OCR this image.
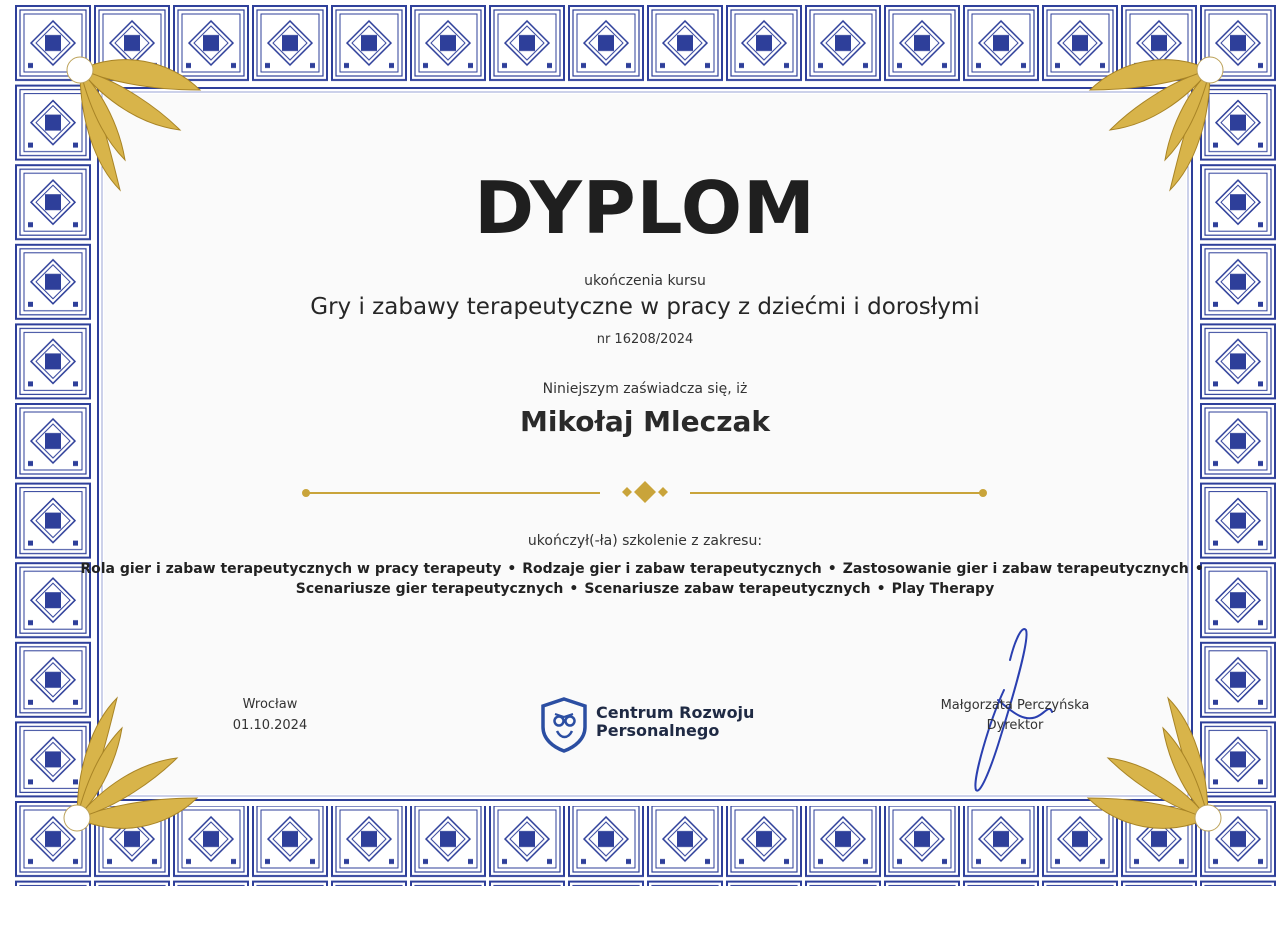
DYPLOM
ukończenia kursu
Gry i zabawy terapeutyczne w pracy z dziećmi i dorosłymi
nr 16208/2024
Niniejszym zaświadcza się, iż
Mikołaj Mleczak
ukończył(-ła) szkolenie z zakresu:
Rola gier i zabaw terapeutycznych w pracy terapeuty • Rodzaje gier i zabaw terapeutycznych • Zastosowanie gier i zabaw terapeutycznych •
Scenariusze gier terapeutycznych • Scenariusze zabaw terapeutycznych • Play Therapy
Wrocław
01.10.2024
Centrum Rozwoju
Personalnego
Małgorzata Perczyńska
Dyrektor
